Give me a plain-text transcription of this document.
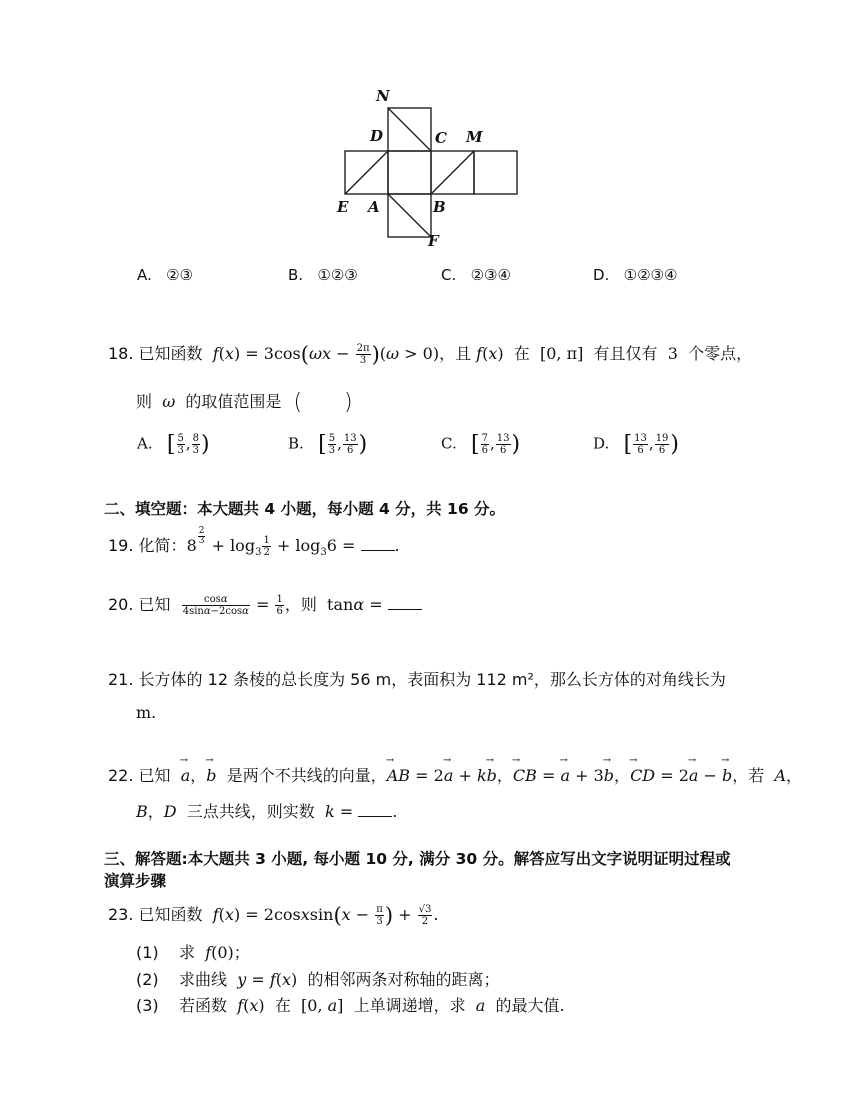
N
D	C M
E A	B
F
A. ②③	B. ①②③	C. ②③④	D. ①②③④
18. 已知函数 $f(x) = 3\cos(\omega x - \frac{2\pi}{3} )(\omega > 0)$，且 f(x) 在 [0, π] 有且仅有 3 个零点，
则 ω 的取值范围是  (      )
A. [ $\frac{5}{3}$ , $\frac{8}{3}$ )	B. [ $\frac{5}{3}$ , $\frac{13}{6}$ )	C. [ $\frac{7}{6}$ , $\frac{13}{6}$ )	D. [ $\frac{13}{6}$ , $\frac{19}{6}$ )
二、填空题：本大题共 4 小题，每小题 4 分，共 16 分。
19. 化简：$8 \frac{2}{3} + \log_3 \frac{1}{2} + \log_36$ = .
20. 已知 $\frac{\cos\alpha}{4\sin\alpha-2\cos\alpha} = \frac{1}{6}$ ，则 tanα =
21. 长方体的 12 条棱的总长度为 56 m，表面积为 112 m²，那么长方体的对角线长为
m.
22. 已知  → a，→ b 是两个不共线的向量，→ AB = 2→ a + k→ b，→ CB = → a + 3→ b，→ CD = 2→ a − → b，若 A，
B，D 三点共线，则实数 k = .
三、解答题:本大题共 3 小题, 每小题 10 分, 满分 30 分。解答应写出文字说明证明过程或
演算步骤
23. 已知函数 f(x) = 2cosxsin(x − $\frac{\pi}{3}$ ) + $\frac{√3}{2}$ .
(1) 求 f(0)；
(2) 求曲线 y = f(x) 的相邻两条对称轴的距离；
(3) 若函数 f(x) 在 [0, a] 上单调递增，求 a 的最大值.
